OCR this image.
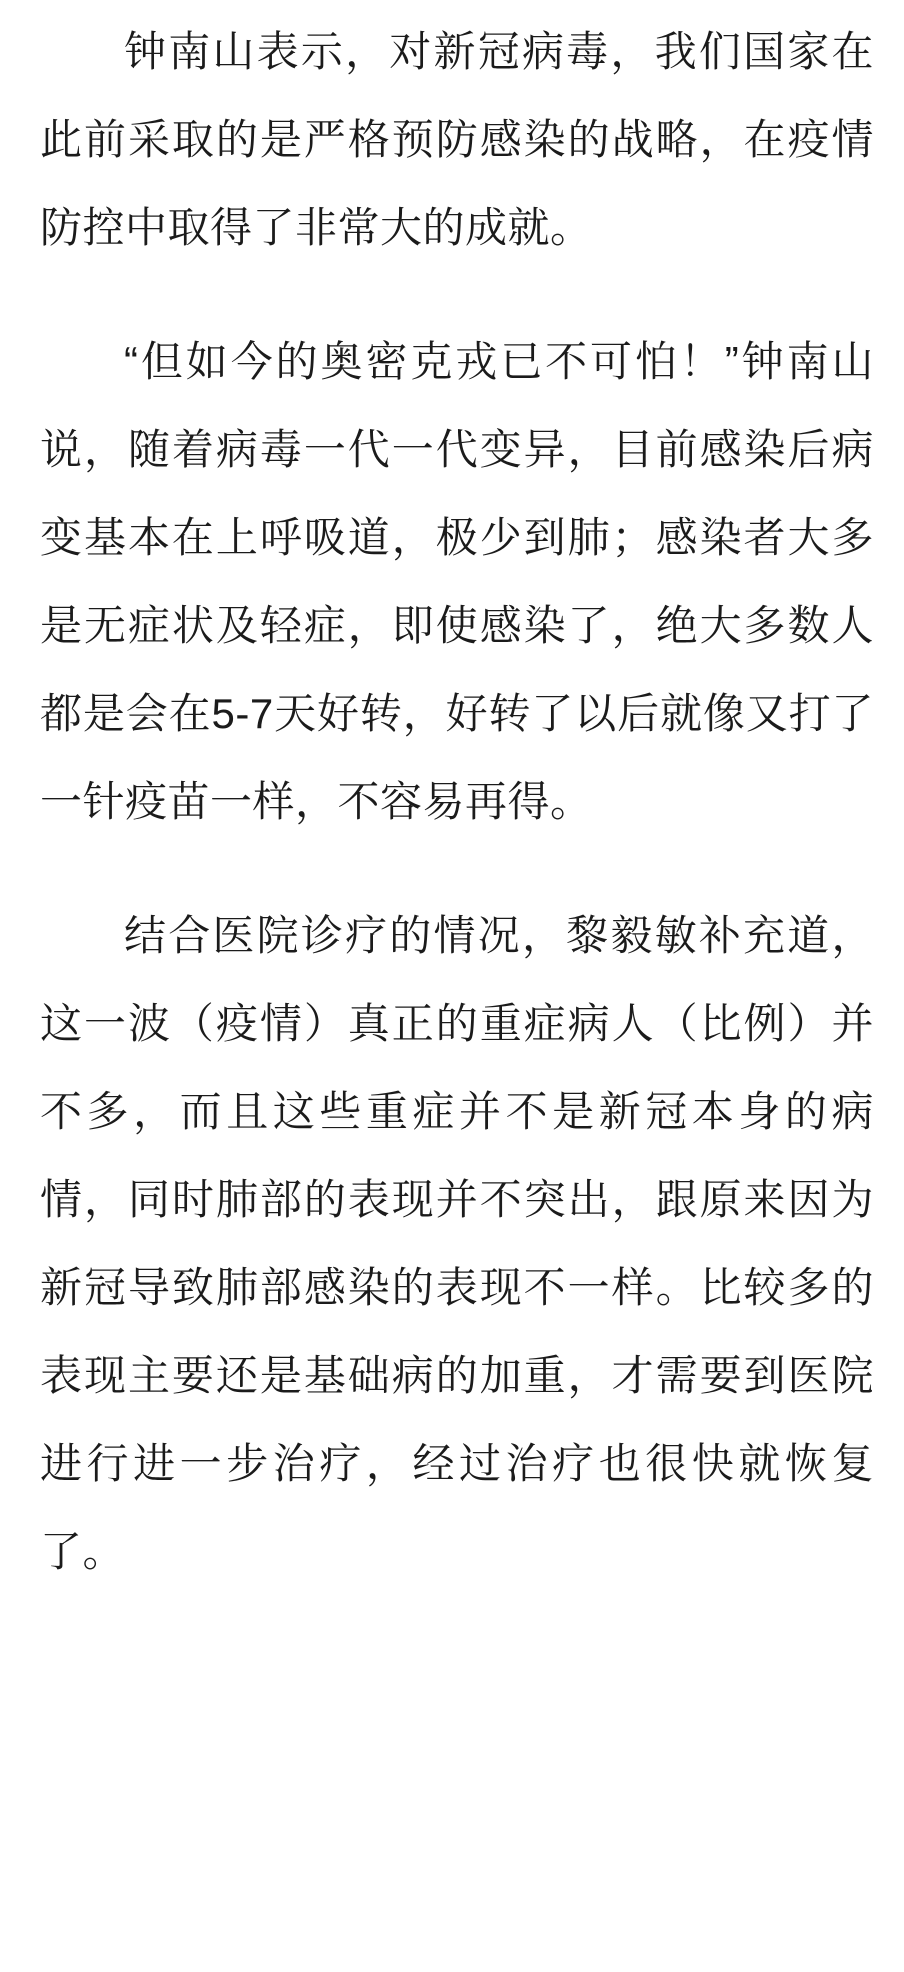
钟南山表示，对新冠病毒，我们国家在此前采取的是严格预防感染的战略，在疫情防控中取得了非常大的成就。

“但如今的奥密克戎已不可怕！”钟南山说，随着病毒一代一代变异，目前感染后病变基本在上呼吸道，极少到肺；感染者大多是无症状及轻症，即使感染了，绝大多数人都是会在5-7天好转，好转了以后就像又打了一针疫苗一样，不容易再得。

结合医院诊疗的情况，黎毅敏补充道，这一波（疫情）真正的重症病人（比例）并不多，而且这些重症并不是新冠本身的病情，同时肺部的表现并不突出，跟原来因为新冠导致肺部感染的表现不一样。比较多的表现主要还是基础病的加重，才需要到医院进行进一步治疗，经过治疗也很快就恢复了。
